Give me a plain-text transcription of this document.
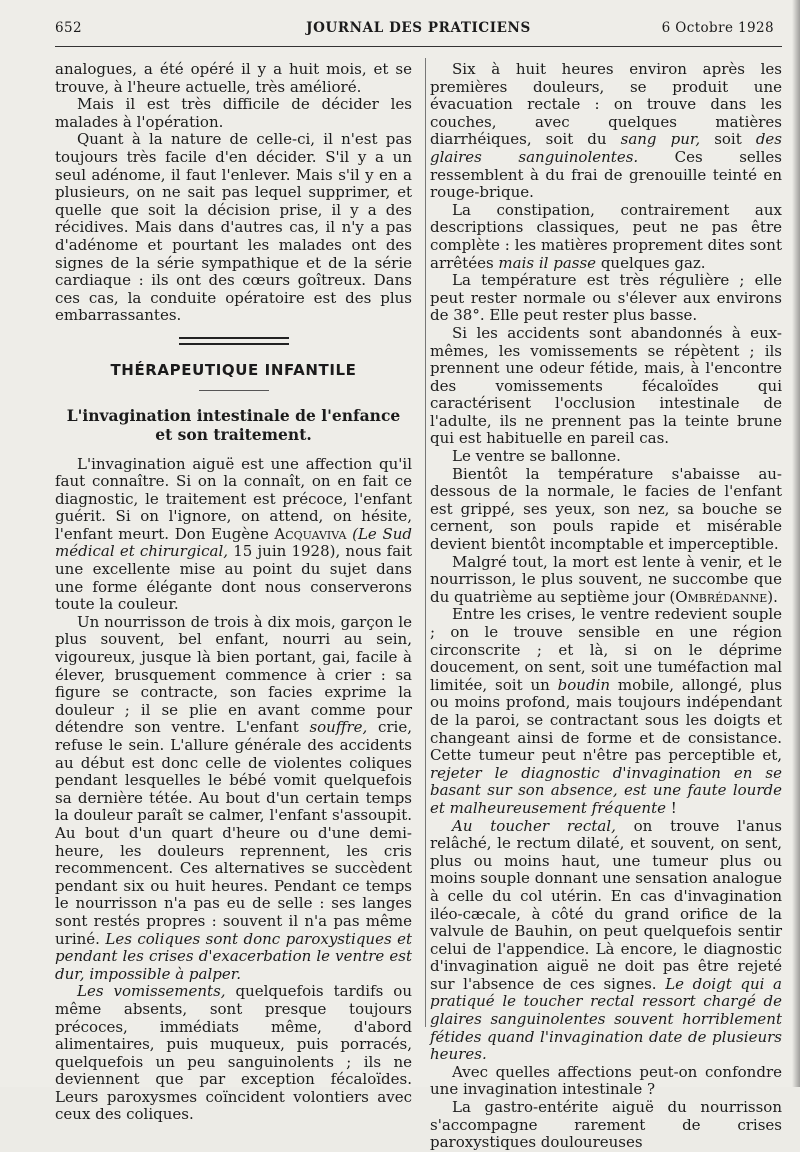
652	JOURNAL DES PRATICIENS	6 Octobre 1928

analogues, a été opéré il y a huit mois, et se trouve, à l'heure actuelle, très amélioré.

Mais il est très difficile de décider les malades à l'opération.

Quant à la nature de celle-ci, il n'est pas toujours très facile d'en décider. S'il y a un seul adénome, il faut l'enlever. Mais s'il y en a plusieurs, on ne sait pas lequel supprimer, et quelle que soit la décision prise, il y a des récidives. Mais dans d'autres cas, il n'y a pas d'adénome et pourtant les malades ont des signes de la série sympathique et de la série cardiaque : ils ont des cœurs goîtreux. Dans ces cas, la conduite opératoire est des plus embarrassantes.

THÉRAPEUTIQUE INFANTILE
L'invagination intestinale de l'enfance
et son traitement.

L'invagination aiguë est une affection qu'il faut connaître. Si on la connaît, on en fait ce diagnostic, le traitement est précoce, l'enfant guérit. Si on l'ignore, on attend, on hésite, l'enfant meurt. Don Eugène Acquaviva (Le Sud médical et chirurgical, 15 juin 1928), nous fait une excellente mise au point du sujet dans une forme élégante dont nous conserverons toute la couleur.

Un nourrisson de trois à dix mois, garçon le plus souvent, bel enfant, nourri au sein, vigoureux, jusque là bien portant, gai, facile à élever, brusquement commence à crier : sa figure se contracte, son facies exprime la douleur ; il se plie en avant comme pour détendre son ventre. L'enfant souffre, crie, refuse le sein. L'allure générale des accidents au début est donc celle de violentes coliques pendant lesquelles le bébé vomit quelquefois sa dernière tétée. Au bout d'un certain temps la douleur paraît se calmer, l'enfant s'assoupit. Au bout d'un quart d'heure ou d'une demi-heure, les douleurs reprennent, les cris recommencent. Ces alternatives se succèdent pendant six ou huit heures. Pendant ce temps le nourrisson n'a pas eu de selle : ses langes sont restés propres : souvent il n'a pas même uriné. Les coliques sont donc paroxystiques et pendant les crises d'exacerbation le ventre est dur, impossible à palper.

Les vomissements, quelquefois tardifs ou même absents, sont presque toujours précoces, immédiats même, d'abord alimentaires, puis muqueux, puis porracés, quelquefois un peu sanguinolents ; ils ne deviennent que par exception fécaloïdes. Leurs paroxysmes coïncident volontiers avec ceux des coliques.

Six à huit heures environ après les premières douleurs, se produit une évacuation rectale : on trouve dans les couches, avec quelques matières diarrhéiques, soit du sang pur, soit des glaires sanguinolentes. Ces selles ressemblent à du frai de grenouille teinté en rouge-brique.

La constipation, contrairement aux descriptions classiques, peut ne pas être complète : les matières proprement dites sont arrêtées mais il passe quelques gaz.

La température est très régulière ; elle peut rester normale ou s'élever aux environs de 38°. Elle peut rester plus basse.

Si les accidents sont abandonnés à eux-mêmes, les vomissements se répètent ; ils prennent une odeur fétide, mais, à l'encontre des vomissements fécaloïdes qui caractérisent l'occlusion intestinale de l'adulte, ils ne prennent pas la teinte brune qui est habituelle en pareil cas.

Le ventre se ballonne.

Bientôt la température s'abaisse au-dessous de la normale, le facies de l'enfant est grippé, ses yeux, son nez, sa bouche se cernent, son pouls rapide et misérable devient bientôt incomptable et imperceptible.

Malgré tout, la mort est lente à venir, et le nourrisson, le plus souvent, ne succombe que du quatrième au septième jour (Ombrédanne).

Entre les crises, le ventre redevient souple ; on le trouve sensible en une région circonscrite ; et là, si on le déprime doucement, on sent, soit une tuméfaction mal limitée, soit un boudin mobile, allongé, plus ou moins profond, mais toujours indépendant de la paroi, se contractant sous les doigts et changeant ainsi de forme et de consistance. Cette tumeur peut n'être pas perceptible et, rejeter le diagnostic d'invagination en se basant sur son absence, est une faute lourde et malheureusement fréquente !

Au toucher rectal, on trouve l'anus relâché, le rectum dilaté, et souvent, on sent, plus ou moins haut, une tumeur plus ou moins souple donnant une sensation analogue à celle du col utérin. En cas d'invagination iléo-cæcale, à côté du grand orifice de la valvule de Bauhin, on peut quelquefois sentir celui de l'appendice. Là encore, le diagnostic d'invagination aiguë ne doit pas être rejeté sur l'absence de ces signes. Le doigt qui a pratiqué le toucher rectal ressort chargé de glaires sanguinolentes souvent horriblement fétides quand l'invagination date de plusieurs heures.

Avec quelles affections peut-on confondre une invagination intestinale ?

La gastro-entérite aiguë du nourrisson s'accompagne rarement de crises paroxystiques douloureuses
